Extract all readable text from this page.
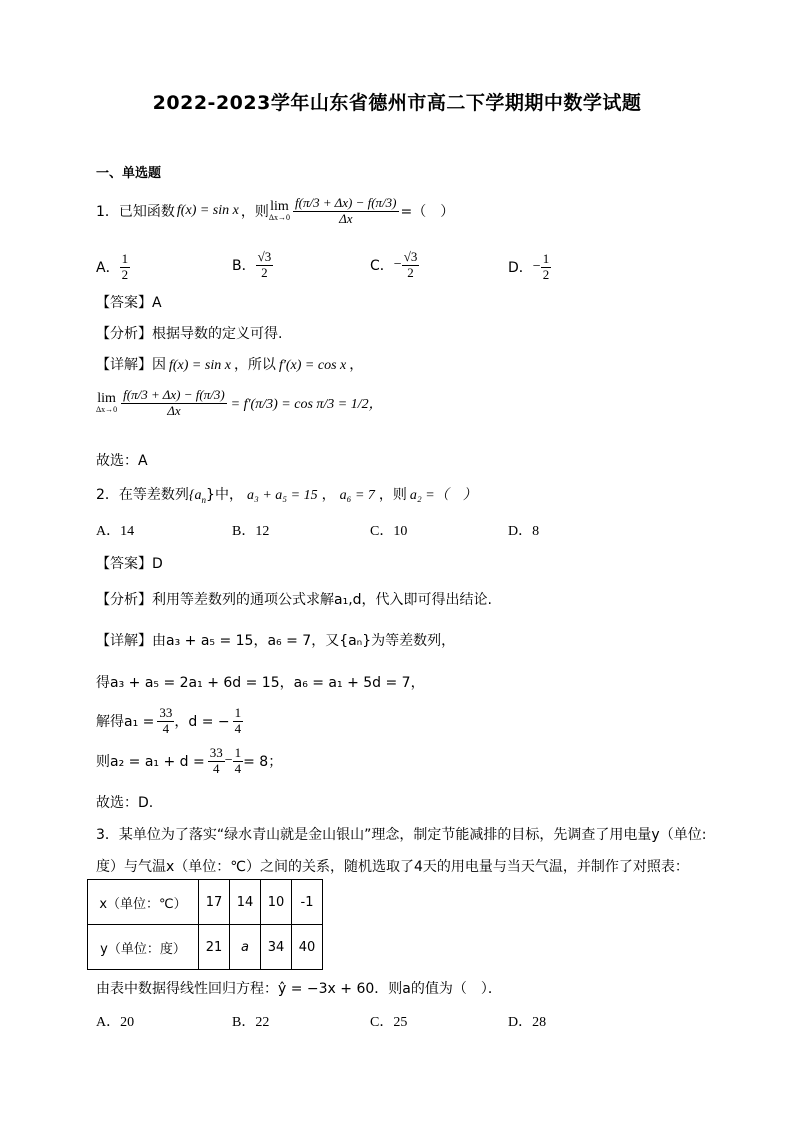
2022-2023学年山东省德州市高二下学期期中数学试题
一、单选题
1．已知函数 f(x) = sin x ，则 lim
$\Delta x\to 0 \frac{f(\pi/3 + \Delta x) - f(\pi/3)}{\Delta x}$ =（　）
A． $\frac{1}{2}$	B． $\frac{√3}{2}$	C． − $\frac{√3}{2}$	D． − $\frac{1}{2}$
【答案】A
【分析】根据导数的定义可得.
【详解】因 f(x) = sin x ，所以 f′(x) = cos x ，
lim
$\Delta x\to 0 \frac{f(\pi/3 + \Delta x) - f(\pi/3)}{\Delta x} = f'(\pi/3) = \cos \pi/3 = 1/2$，
故选：A
2．在等差数列$\{a_n\}$中， a₃ + a₅ = 15 ， a₆ = 7 ，则 a₂ =（　）
A．14	B．12	C．10	D．8
【答案】D
【分析】利用等差数列的通项公式求解a₁,d，代入即可得出结论.
【详解】由a₃ + a₅ = 15，a₆ = 7，又{aₙ}为等差数列，
得a₃ + a₅ = 2a₁ + 6d = 15，a₆ = a₁ + 5d = 7，
解得$a_1 = \frac{33}{4}$ ，d = − $\frac{1}{4}$
则$a_2 = a_1 + d = \frac{33}{4} - \frac{1}{4} = 8$；
故选：D.
3．某单位为了落实“绿水青山就是金山银山”理念，制定节能减排的目标，先调查了用电量y（单位:
度）与气温x（单位：℃）之间的关系，随机选取了4天的用电量与当天气温，并制作了对照表：
x（单位：℃）	17	14	10	-1
y（单位：度）	21	a	34	40
由表中数据得线性回归方程：ŷ = −3x + 60．则a的值为（　）．
A．20	B．22	C．25	D．28
